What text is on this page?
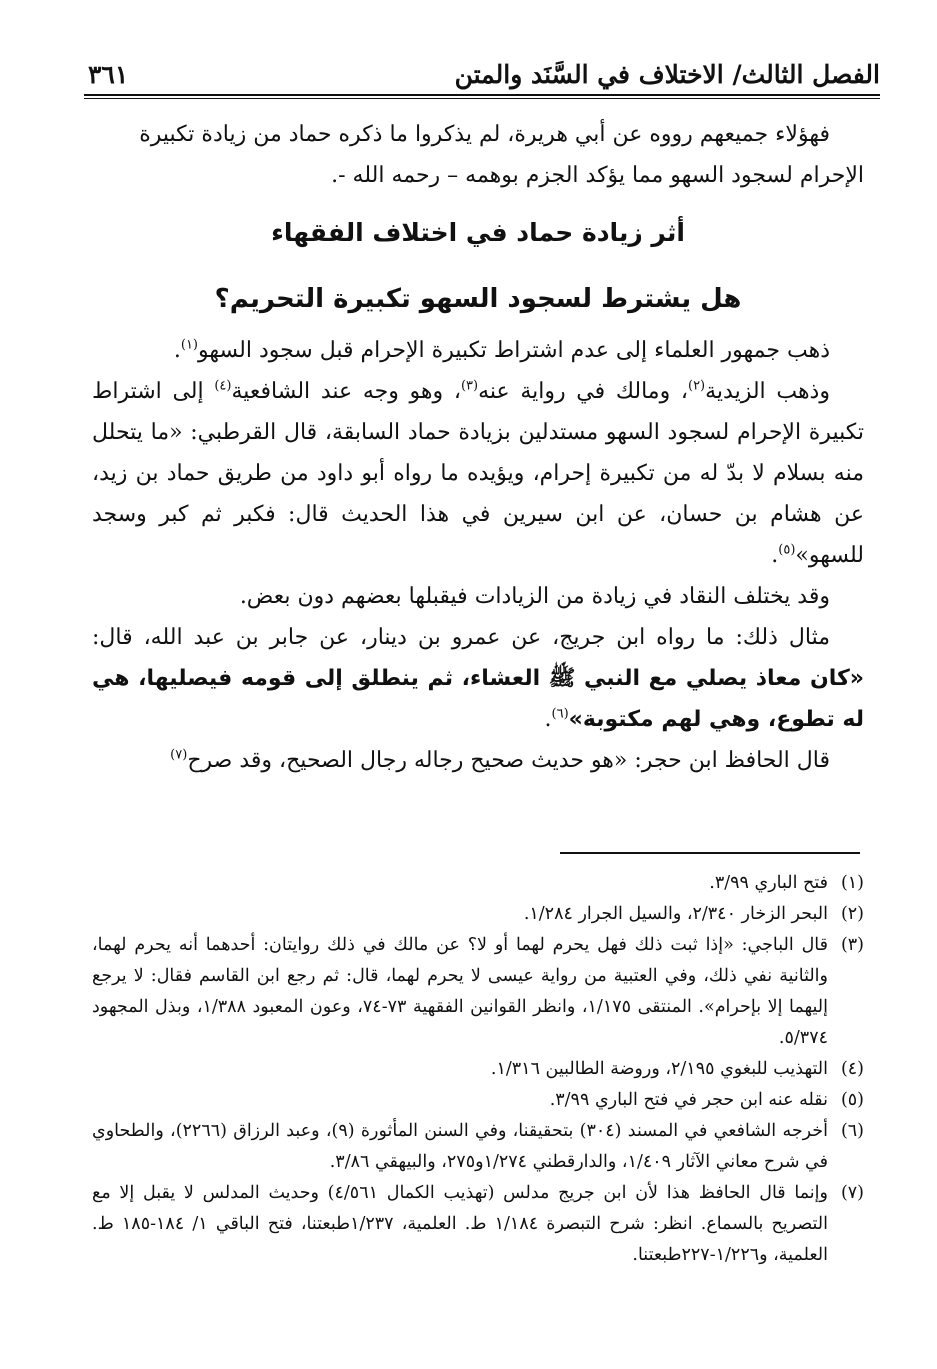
الفصل الثالث/ الاختلاف في السَّنَد والمتن
٣٦١

فهؤلاء جميعهم رووه عن أبي هريرة، لم يذكروا ما ذكره حماد من زيادة تكبيرة

الإحرام لسجود السهو مما يؤكد الجزم بوهمه – رحمه الله -.

أثر زيادة حماد في اختلاف الفقهاء
هل يشترط لسجود السهو تكبيرة التحريم؟

ذهب جمهور العلماء إلى عدم اشتراط تكبيرة الإحرام قبل سجود السهو$^{(١)}$.

وذهب الزيدية$^{(٢)}$، ومالك في رواية عنه$^{(٣)}$، وهو وجه عند الشافعية$^{(٤)}$ إلى اشتراط تكبيرة الإحرام لسجود السهو مستدلين بزيادة حماد السابقة، قال القرطبي: «ما يتحلل منه بسلام لا بدّ له من تكبيرة إحرام، ويؤيده ما رواه أبو داود من طريق حماد بن زيد، عن هشام بن حسان، عن ابن سيرين في هذا الحديث قال: فكبر ثم كبر وسجد للسهو»$^{(٥)}$.

وقد يختلف النقاد في زيادة من الزيادات فيقبلها بعضهم دون بعض.

مثال ذلك: ما رواه ابن جريج، عن عمرو بن دينار، عن جابر بن عبد الله، قال: «كان معاذ يصلي مع النبي ﷺ العشاء، ثم ينطلق إلى قومه فيصليها، هي له تطوع، وهي لهم مكتوبة»$^{(٦)}$.

قال الحافظ ابن حجر: «هو حديث صحيح رجاله رجال الصحيح، وقد صرح$^{(٧)}$

(١)
فتح الباري ٣/٩٩.

(٢)
البحر الزخار ٢/٣٤٠، والسيل الجرار ١/٢٨٤.

(٣)
قال الباجي: «إذا ثبت ذلك فهل يحرم لهما أو لا؟ عن مالك في ذلك روايتان: أحدهما أنه يحرم لهما، والثانية نفي ذلك، وفي العتبية من رواية عيسى لا يحرم لهما، قال: ثم رجع ابن القاسم فقال: لا يرجع إليهما إلا بإحرام». المنتقى ١/١٧٥، وانظر القوانين الفقهية ٧٣-٧٤، وعون المعبود ١/٣٨٨، وبذل المجهود ٥/٣٧٤.

(٤)
التهذيب للبغوي ٢/١٩٥، وروضة الطالبين ١/٣١٦.

(٥)
نقله عنه ابن حجر في فتح الباري ٣/٩٩.

(٦)
أخرجه الشافعي في المسند (٣٠٤) بتحقيقنا، وفي السنن المأثورة (٩)، وعبد الرزاق (٢٢٦٦)، والطحاوي في شرح معاني الآثار ١/٤٠٩، والدارقطني ١/٢٧٤و٢٧٥، والبيهقي ٣/٨٦.

(٧)
وإنما قال الحافظ هذا لأن ابن جريج مدلس (تهذيب الكمال ٤/٥٦١) وحديث المدلس لا يقبل إلا مع التصريح بالسماع. انظر: شرح التبصرة ١/١٨٤ ط. العلمية، ١/٢٣٧طبعتنا، فتح الباقي ١/ ١٨٤-١٨٥ ط. العلمية، و١/٢٢٦-٢٢٧طبعتنا.
